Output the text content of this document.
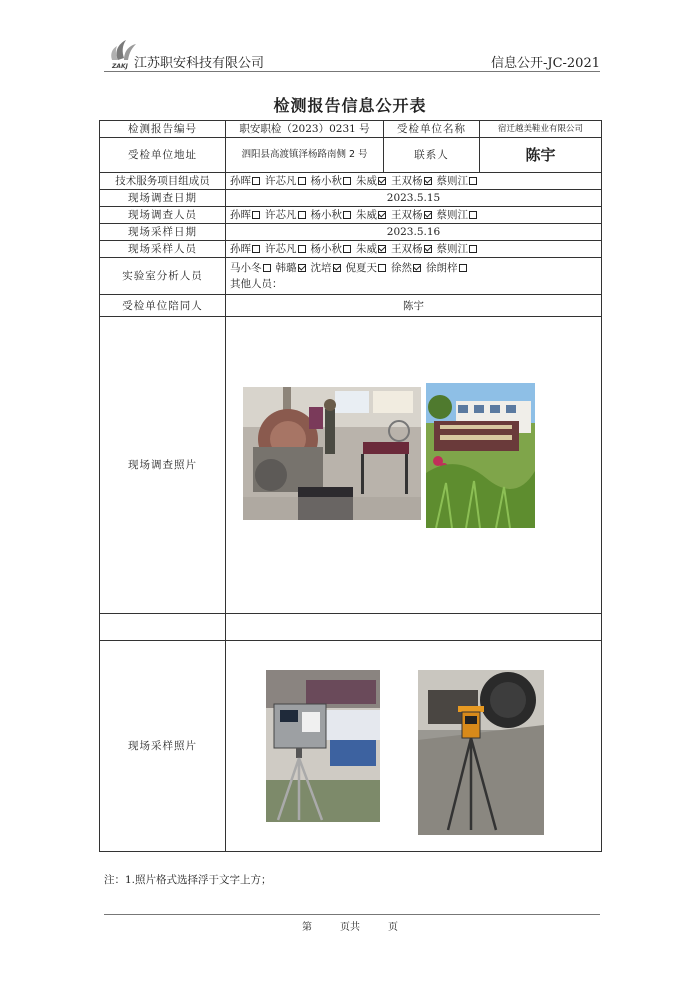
ZAKJ 江苏职安科技有限公司	信息公开-JC-2021
检测报告信息公开表
检测报告编号	职安职检（2023）0231 号	受检单位名称	宿迁越美鞋业有限公司
受检单位地址	泗阳县高渡镇泽杨路南侧 2 号	联系人	陈宇
技术服务项目组成员	孙晖 许芯凡 杨小秋 朱威 王双杨 蔡则江		
现场调查日期	2023.5.15		
现场调查人员	孙晖 许芯凡 杨小秋 朱威 王双杨 蔡则江		
现场采样日期	2023.5.16		
现场采样人员	孙晖 许芯凡 杨小秋 朱威 王双杨 蔡则江		
实验室分析人员	马小冬 韩璐 沈培 倪夏天 徐然 徐朗梓
其他人员：		

受检单位陪同人	陈宇		
现场调查照片	

现场采样照片	
注：1.照片格式选择浮于文字上方；
第	页共	页
